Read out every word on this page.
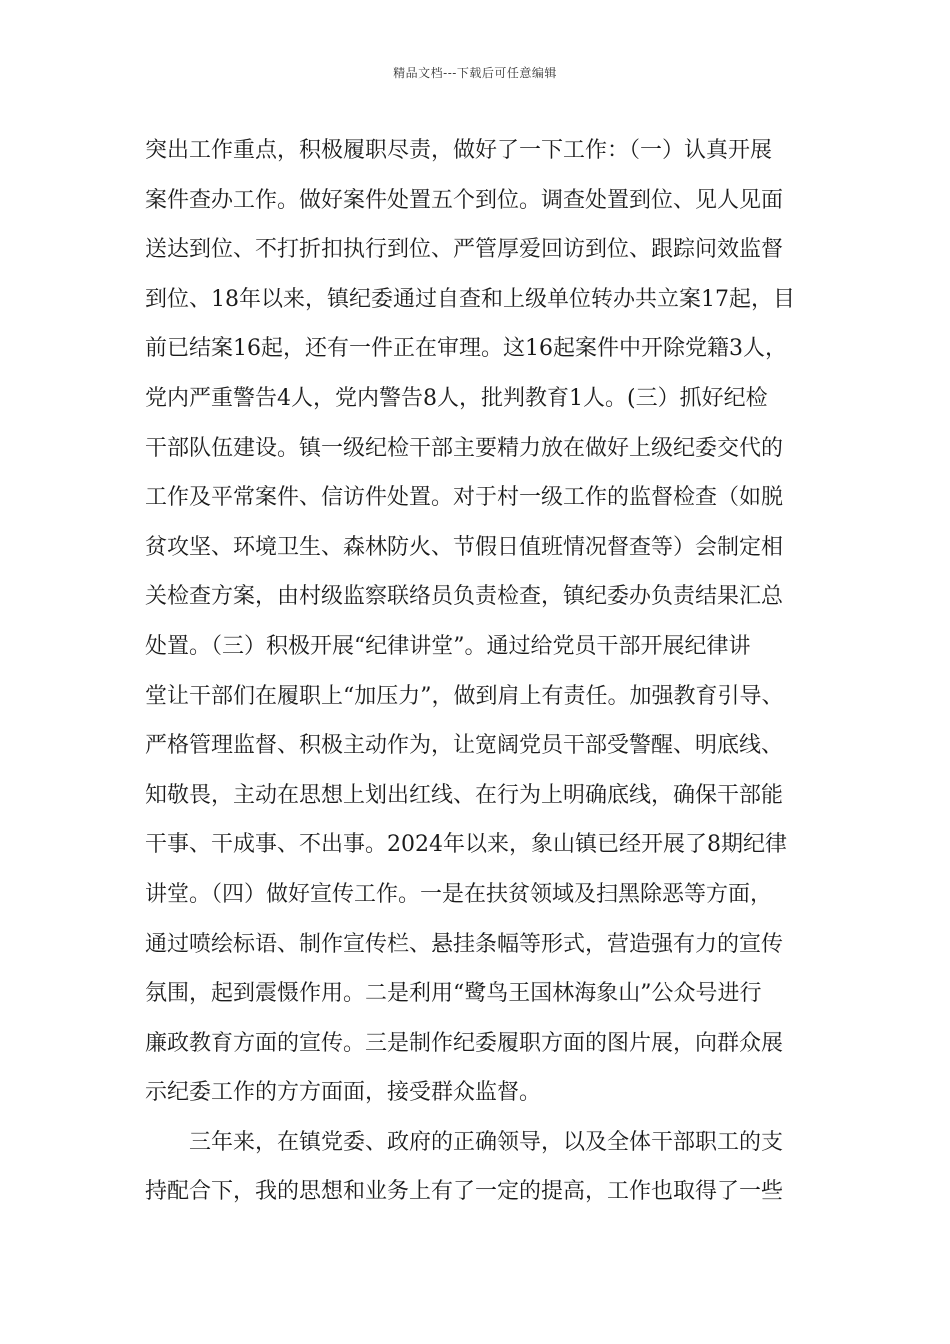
精品文档---下载后可任意编辑
突出工作重点，积极履职尽责，做好了一下工作：（一）认真开展
案件查办工作。做好案件处置五个到位。调查处置到位、见人见面
送达到位、不打折扣执行到位、严管厚爱回访到位、跟踪问效监督
到位、18年以来，镇纪委通过自查和上级单位转办共立案17起，目
前已结案16起，还有一件正在审理。这16起案件中开除党籍3人，
党内严重警告4人，党内警告8人，批判教育1人。(三）抓好纪检
干部队伍建设。镇一级纪检干部主要精力放在做好上级纪委交代的
工作及平常案件、信访件处置。对于村一级工作的监督检查（如脱
贫攻坚、环境卫生、森林防火、节假日值班情况督查等）会制定相
关检查方案，由村级监察联络员负责检查，镇纪委办负责结果汇总
处置。（三）积极开展“纪律讲堂”。通过给党员干部开展纪律讲
堂让干部们在履职上“加压力”，做到肩上有责任。加强教育引导、
严格管理监督、积极主动作为，让宽阔党员干部受警醒、明底线、
知敬畏，主动在思想上划出红线、在行为上明确底线，确保干部能
干事、干成事、不出事。2024年以来，象山镇已经开展了8期纪律
讲堂。（四）做好宣传工作。一是在扶贫领域及扫黑除恶等方面，
通过喷绘标语、制作宣传栏、悬挂条幅等形式，营造强有力的宣传
氛围，起到震慑作用。二是利用“鹭鸟王国林海象山”公众号进行
廉政教育方面的宣传。三是制作纪委履职方面的图片展，向群众展
示纪委工作的方方面面，接受群众监督。
三年来，在镇党委、政府的正确领导，以及全体干部职工的支
持配合下，我的思想和业务上有了一定的提高，工作也取得了一些
